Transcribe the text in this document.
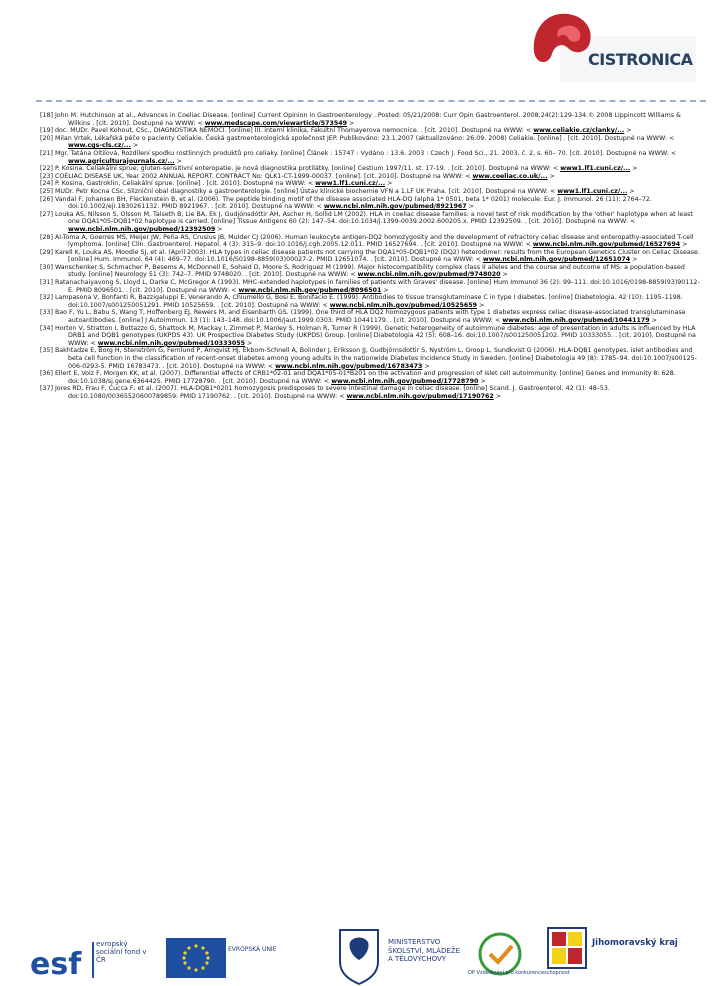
CISTRONICA

[18] John M. Hutchinson at al., Advances in Coeliac Disease. [online] Current Opinion in Gastroenterology . Posted: 05/21/2008: Curr Opin Gastroenterol. 2008;24(2):129-134.© 2008 Lippincott Williams & Wilkins . [cit. 2010]. Dostupné na WWW: < www.medscape.com/viewarticle/573549 >

[19] doc. MUDr. Pavel Kohout, CSc., DIAGNOSTIKA NEMOCÍ. [online] III. interní klinika, Fakultní Thomayerova nemocnice. . [cit. 2010]. Dostupné na WWW: < www.celiakie.cz/clanky/... >

[20] Milan Vrtek, Lékařská péče o pacienty Celiakie. Česká gastroenterologická společnost JEP. Publikováno: 23.1.2007 (aktualizováno: 26.09. 2008) Celiakie. [online] . [cit. 2010]. Dostupné na WWW: < www.cgs-cls.cz/... >

[21] Mgr. Tatána Oltilová, Rozdílení spodku rostlinných produktů pro celiaky. [online] Článek : 15747 : Vydáno : 13.6. 2003 : Czech J. Food Sci., 21. 2003, č. 2, s. 60– 70. [cit. 2010]. Dostupné na WWW: < www.agriculturajournals.cz/... >

[22] P. Kosina. Celiakální sprue, gluten-sensitivní enteropatie, je nová diagnostika protilátky. [online] Cestium 1997/11. st. 17-19. . [cit. 2010]. Dostupné na WWW: < www1.lf1.cuni.cz/... >

[23] COELIAC DISEASE UK, Year 2002 ANNUAL REPORT. CONTRACT No: QLK1-CT-1999-00037. [online]. [cit. 2010]. Dostupné na WWW: < www.coeliac.co.uk/... >

[24] P. Kosina, Gastroklin, Celiakální sprue. [online] . [cit. 2010]. Dostupné na WWW: < www1.lf1.cuni.cz/... >

[25] MUDr. Petr Kocna CSc. Slizniční obal diagnostiky a gastroenterologie. [online] Ústav klinické biochemie VFN a 1.LF UK Praha. [cit. 2010]. Dostupné na WWW: < www1.lf1.cuni.cz/... >

[26] Vandal F, Johansen BH, Fleckenstein B, et al. (2006). The peptide binding motif of the disease associated HLA-DQ (alpha 1* 0501, beta 1* 0201) molecule. Eur. J. Immunol. 26 (11): 2764–72. doi:10.1002/eji.1830261132. PMID 8921967. . [cit. 2010]. Dostupné na WWW: < www.ncbi.nlm.nih.gov/pubmed/8921967 >

[27] Louka AS, Nilsson S, Olsson M, Talseth B, Lie BA, Ek J, Gudjónsdóttir AH, Ascher H, Sollid LM (2002). HLA in coeliac disease families: a novel test of risk modification by the 'other' haplotype when at least one DQA1*05-DQB1*02 haplotype is carried. [online] Tissue Antigens 60 (2): 147–54. doi:10.1034/j.1399-0039.2002.600205.x. PMID 12392509. . [cit. 2010]. Dostupné na WWW: < www.ncbi.nlm.nih.gov/pubmed/12392509 >

[28] Al-Toma A, Goerres MS, Meijer JW, Peña AS, Crusius JB, Mulder CJ (2006). Human leukocyte antigen-DQ2 homozygosity and the development of refractory celiac disease and enteropathy-associated T-cell lymphoma. [online] Clin. Gastroenterol. Hepatol. 4 (3): 315–9. doi:10.1016/j.cgh.2005.12.011. PMID 16527694. . [cit. 2010]. Dostupné na WWW: < www.ncbi.nlm.nih.gov/pubmed/16527694 >

[29] Karell K, Louka AS, Moodie SJ, et al. (April 2003). HLA types in celiac disease patients not carrying the DQA1*05-DQB1*02 (DQ2) heterodimer: results from the European Genetics Cluster on Celiac Disease. [online] Hum. Immunol. 64 (4): 469–77. doi:10.1016/S0198-8859(03)00027-2. PMID 12651074. . [cit. 2010]. Dostupné na WWW: < www.ncbi.nlm.nih.gov/pubmed/12651074 >

[30] Wanschenker S, Schmacher P, Besems A, McDonnell E, Sohaid D, Moore S, Rodriguez M (1999). Major histocompatibility complex class II alleles and the course and outcome of MS: a population-based study. [online] Neurology 51 (3): 742–7. PMID 9748020. . [cit. 2010]. Dostupné na WWW: < www.ncbi.nlm.nih.gov/pubmed/9748020 >

[31] Ratanachaiyavong S, Lloyd L, Darke C, McGregor A (1993). MHC-extended haplotypes in families of patients with Graves' disease. [online] Hum Immunol 36 (2): 99–111. doi:10.1016/0198-8859(93)90112-E. PMID 8096501. . [cit. 2010]. Dostupné na WWW: < www.ncbi.nlm.nih.gov/pubmed/8096501 >

[32] Lampasona V, Bonfanti R, Bazzigaluppi E, Venerando A, Chiumello G, Bosi E, Bonifacio E. (1999). Antibodies to tissue transglutaminase C in type I diabetes. [online] Diabetologia. 42 (10): 1195–1198. doi:10.1007/s001250051291. PMID 10525659. . [cit. 2010]. Dostupné na WWW: < www.ncbi.nlm.nih.gov/pubmed/10525659 >

[33] Bao F, Yu L, Babu S, Wang T, Hoffenberg EJ, Rewers M, and Eisenbarth GS. (1999). One third of HLA DQ2 homozygous patients with type 1 diabetes express celiac disease-associated transglutaminase autoantibodies. [online] J Autoimmun. 13 (1): 143–148. doi:10.1006/jaut.1999.0303. PMID 10441179. . [cit. 2010]. Dostupné na WWW: < www.ncbi.nlm.nih.gov/pubmed/10441179 >

[34] Horton V, Stratton I, Bottazzo G, Shattock M, Mackay I, Zimmet P, Manley S, Holman R, Turner R (1999). Genetic heterogeneity of autoimmune diabetes: age of presentation in adults is influenced by HLA DRB1 and DQB1 genotypes (UKPDS 43). UK Prospective Diabetes Study (UKPDS) Group. [online] Diabetologia 42 (5): 608–16. doi:10.1007/s001250051202. PMID 10333055. . [cit. 2010]. Dostupné na WWW: < www.ncbi.nlm.nih.gov/pubmed/10333055 >

[35] Bakhtadze E, Borg H, Stenström G, Fernlund P, Arnqvist HJ, Ekbom-Schnell A, Bolinder J, Eriksson JJ, Gudbjörnsdottir S, Nyström L, Groop L, Sundkvist G (2006). HLA-DQB1 genotypes, islet antibodies and beta cell function in the classification of recent-onset diabetes among young adults in the nationwide Diabetes Incidence Study in Sweden. [online] Diabetologia 49 (8): 1785–94. doi:10.1007/s00125-006-0293-5. PMID 16783473. . [cit. 2010]. Dostupné na WWW: < www.ncbi.nlm.nih.gov/pubmed/16783473 >

[36] Ellert E, Volz F, Morgen KK, et al. (2007). Differential effects of CRB1*02-01 and DQA1*05-01*B201 on the activation and progression of islet cell autoimmunity. [online] Genes and Immunity 8: 628. doi:10.1038/sj.gene.6364425. PMID 17728790. . [cit. 2010]. Dostupné na WWW: < www.ncbi.nlm.nih.gov/pubmed/17728790 >

[37] Jores RD, Frau F, Cucca F, et al. (2007). HLA-DQB1*0201 homozygosis predisposes to severe intestinal damage in celiac disease. [online] Scand. J. Gastroenterol. 42 (1): 48–53. doi:10.1080/00365520600789859. PMID 17190762. . [cit. 2010]. Dostupné na WWW: < www.ncbi.nlm.nih.gov/pubmed/17190762 >

esf
evropský sociální fond v ČR
EVROPSKÁ UNIE
MINISTERSTVO ŠKOLSTVÍ, MLÁDEŽE A TĚLOVÝCHOVY
OP Vzdělávání pro konkurenceschopnost
Jihomoravský kraj
